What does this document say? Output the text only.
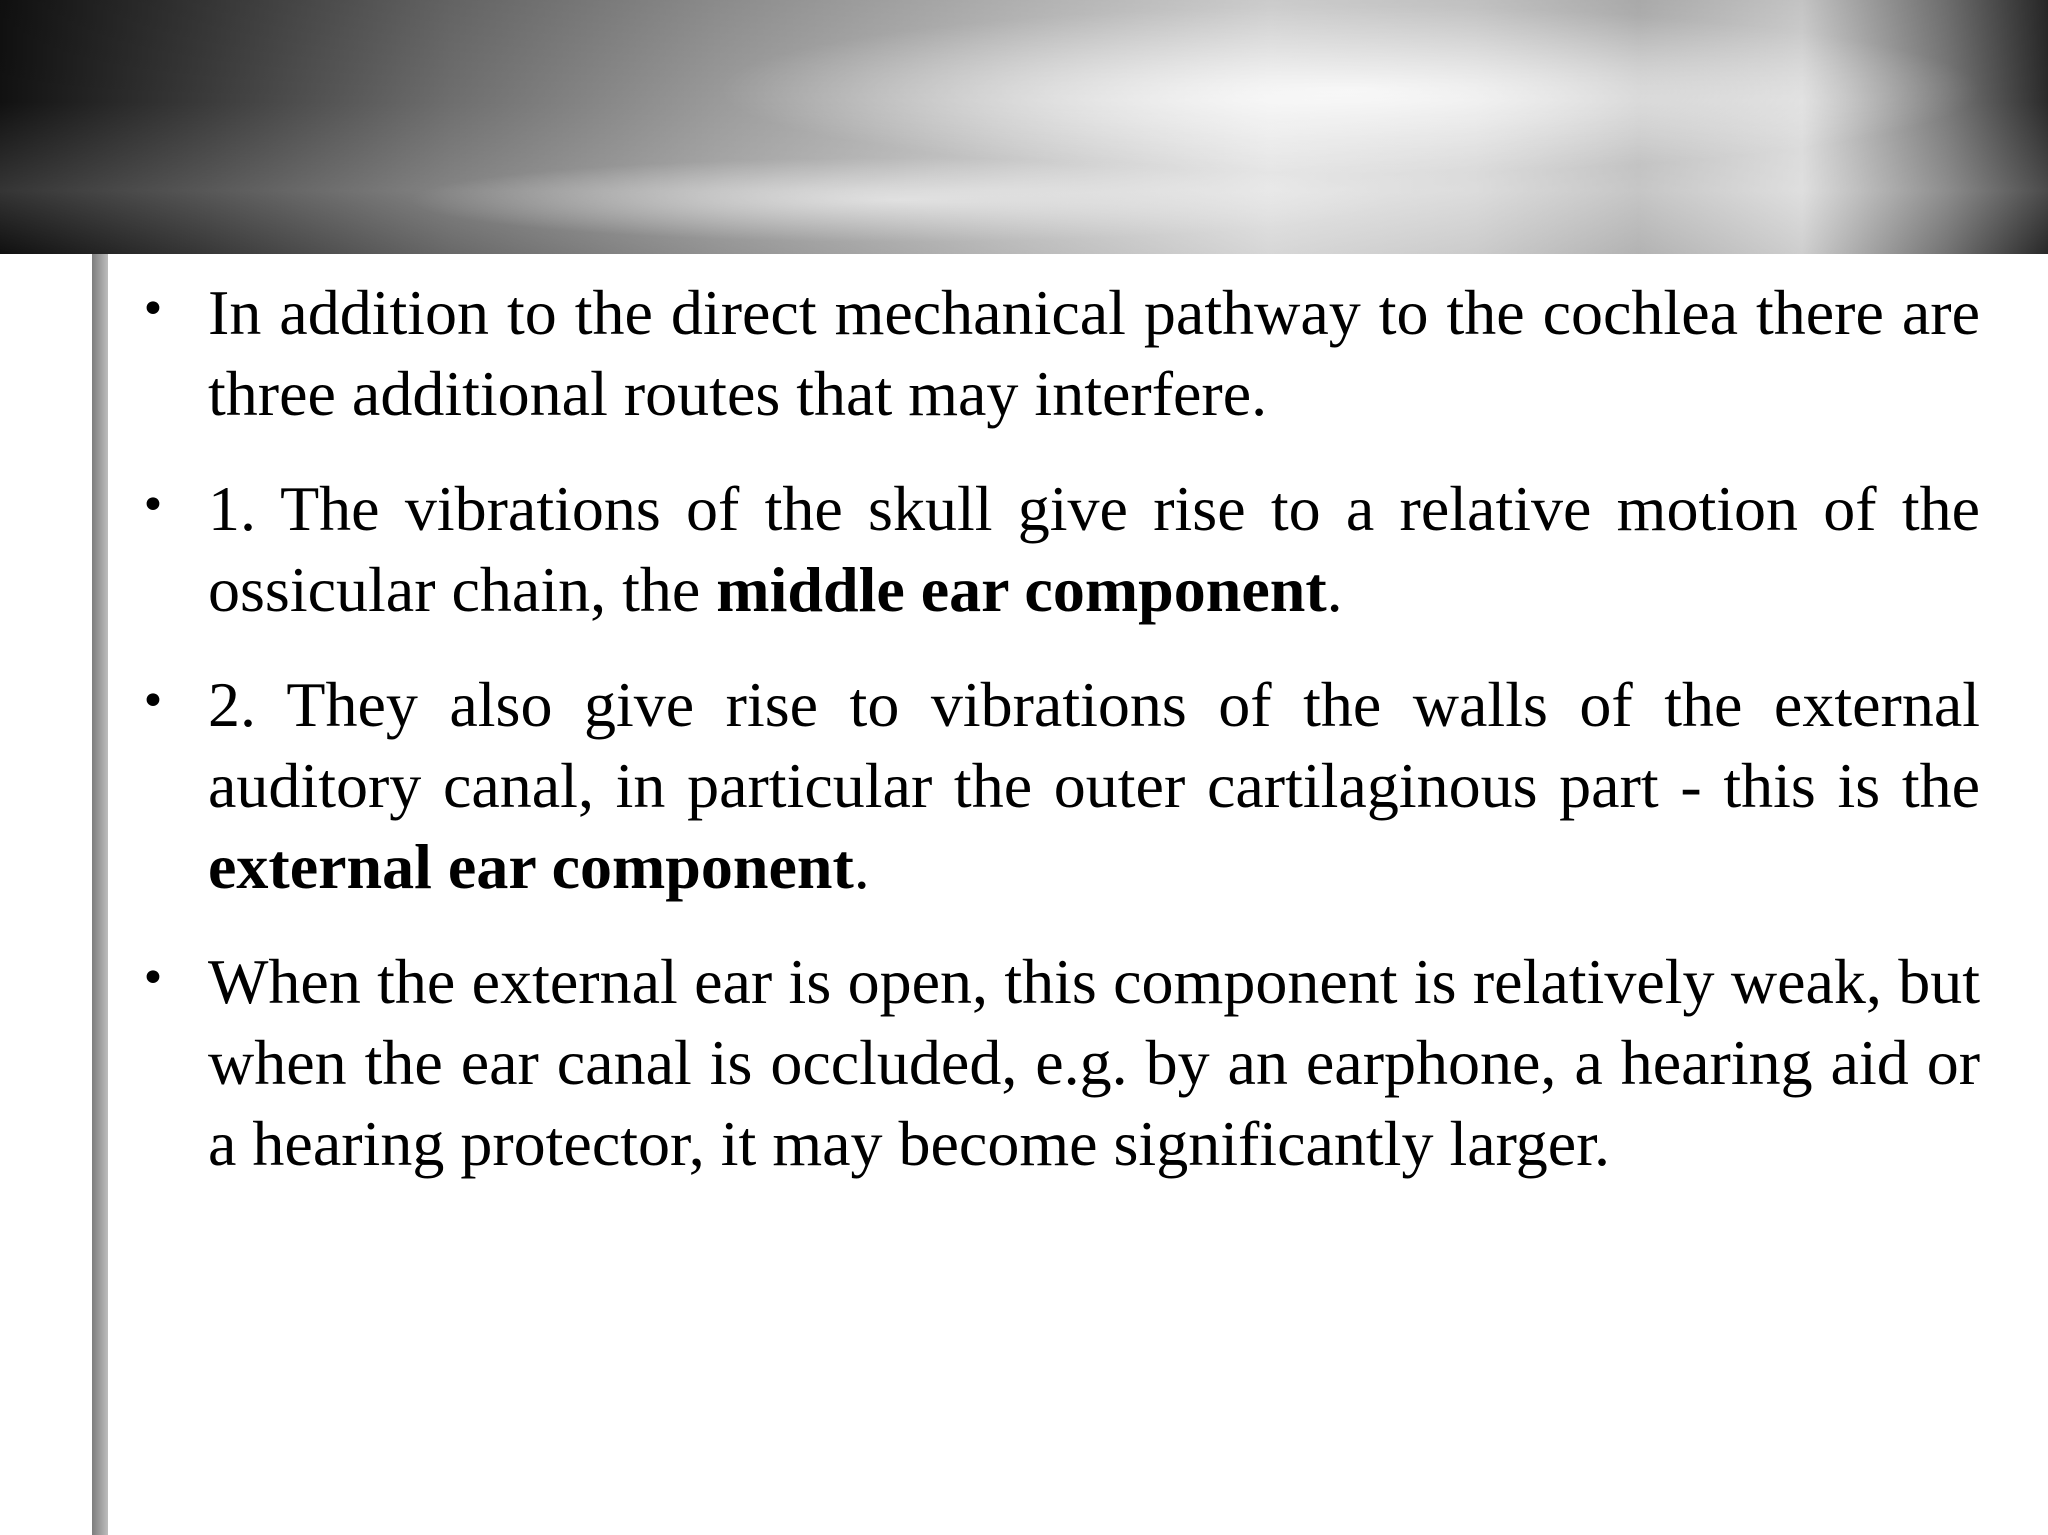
• In addition to the direct mechanical pathway to the cochlea there are three additional routes that may interfere.
• 1. The vibrations of the skull give rise to a relative motion of the ossicular chain, the middle ear component.
• 2. They also give rise to vibrations of the walls of the external auditory canal, in particular the outer cartilaginous part - this is the external ear component.
• When the external ear is open, this component is relatively weak, but when the ear canal is occluded, e.g. by an earphone, a hearing aid or a hearing protector, it may become significantly larger.
